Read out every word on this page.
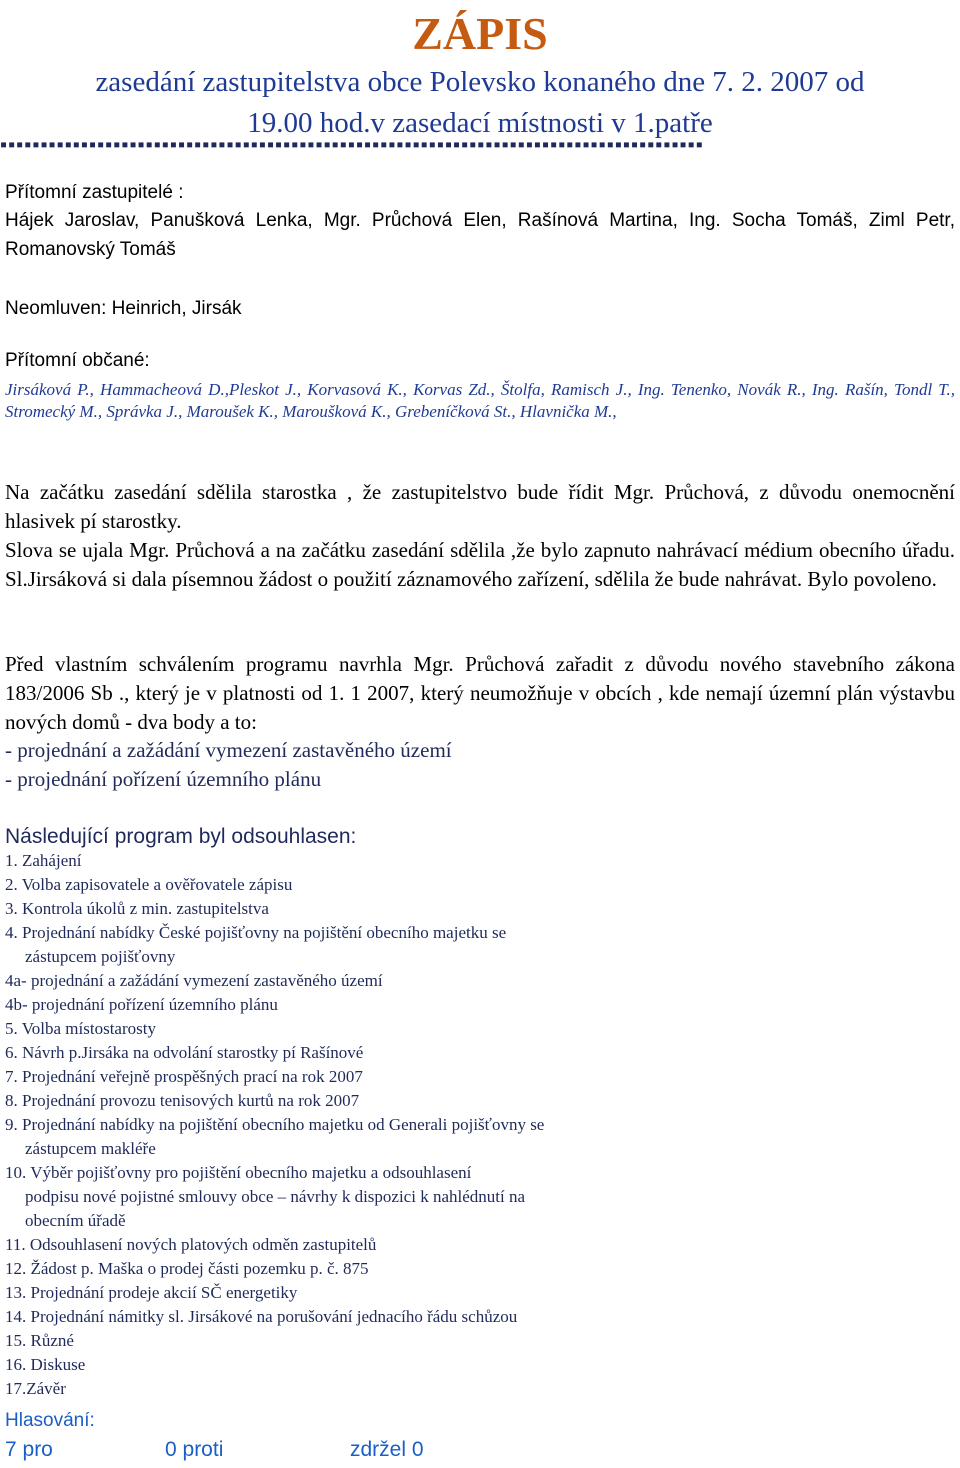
ZÁPIS
zasedání zastupitelstva obce Polevsko konaného dne 7. 2. 2007 od
19.00 hod.v zasedací místnosti v 1.patře
▪▪▪▪▪▪▪▪▪▪▪▪▪▪▪▪▪▪▪▪▪▪▪▪▪▪▪▪▪▪▪▪▪▪▪▪▪▪▪▪▪▪▪▪▪▪▪▪▪▪▪▪▪▪▪▪▪▪▪▪▪▪▪▪▪▪▪▪▪▪▪▪▪▪▪▪▪▪▪▪▪▪▪▪▪▪▪
Přítomní zastupitelé :
Hájek Jaroslav, Panušková Lenka, Mgr. Průchová Elen, Rašínová Martina, Ing. Socha Tomáš, Ziml Petr, Romanovský Tomáš
Neomluven: Heinrich, Jirsák
Přítomní občané:
Jirsáková P., Hammacheová D.,Pleskot J., Korvasová K., Korvas Zd., Štolfa, Ramisch J., Ing. Tenenko, Novák R., Ing. Rašín, Tondl T., Stromecký M., Správka J., Maroušek K., Maroušková K., Grebeníčková St., Hlavnička M.,
Na začátku zasedání sdělila starostka , že zastupitelstvo bude řídit Mgr. Průchová, z důvodu onemocnění hlasivek pí starostky.
Slova se ujala Mgr. Průchová a na začátku zasedání sdělila ,že bylo zapnuto nahrávací médium obecního úřadu. Sl.Jirsáková si dala písemnou žádost o použití záznamového zařízení, sdělila že bude nahrávat. Bylo povoleno.
Před vlastním schválením programu navrhla Mgr. Průchová zařadit z důvodu nového stavebního zákona 183/2006 Sb ., který je v platnosti od 1. 1 2007, který neumožňuje v obcích , kde nemají územní plán výstavbu nových domů - dva body a to:
- projednání a zažádání vymezení zastavěného území
- projednání pořízení územního plánu
Následující program byl odsouhlasen:
1. Zahájení
2. Volba zapisovatele a ověřovatele zápisu
3. Kontrola úkolů z min. zastupitelstva
4. Projednání nabídky České pojišťovny na pojištění obecního majetku se
zástupcem pojišťovny
4a- projednání a zažádání vymezení zastavěného území
4b- projednání pořízení územního plánu
5. Volba místostarosty
6. Návrh p.Jirsáka na odvolání starostky pí Rašínové
7. Projednání veřejně prospěšných prací na rok 2007
8. Projednání provozu tenisových kurtů na rok 2007
9. Projednání nabídky na pojištění obecního majetku od Generali pojišťovny se
zástupcem makléře
10. Výběr pojišťovny pro pojištění obecního majetku a odsouhlasení
podpisu nové pojistné smlouvy obce – návrhy k dispozici k nahlédnutí na
obecním úřadě
11. Odsouhlasení nových platových odměn zastupitelů
12. Žádost p. Maška o prodej části pozemku p. č. 875
13. Projednání prodeje akcií SČ energetiky
14. Projednání námitky sl. Jirsákové na porušování jednacího řádu schůzou
15. Různé
16. Diskuse
17.Závěr
Hlasování:
7 pro	0 proti	zdržel 0
